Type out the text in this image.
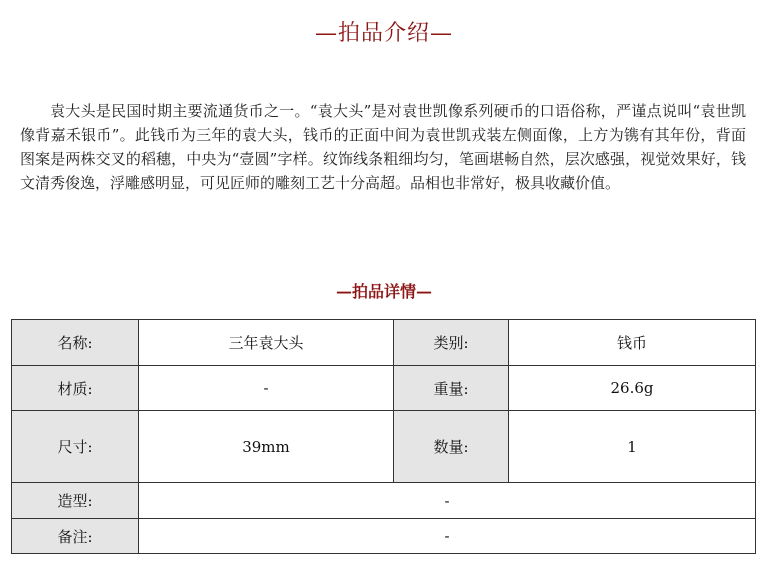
—拍品介绍—

袁大头是民国时期主要流通货币之一。“袁大头”是对袁世凯像系列硬币的口语俗称，严谨点说叫“袁世凯像背嘉禾银币”。此钱币为三年的袁大头，钱币的正面中间为袁世凯戎装左侧面像，上方为镌有其年份，背面图案是两株交叉的稻穗，中央为“壹圆”字样。纹饰线条粗细均匀，笔画堪畅自然，层次感强，视觉效果好，钱文清秀俊逸，浮雕感明显，可见匠师的雕刻工艺十分高超。品相也非常好，极具收藏价值。

—拍品详情—
名称:	三年袁大头	类别:	钱币
材质:	-	重量:	26.6g
尺寸:	39mm	数量:	1
造型:	-		
备注:	-		
